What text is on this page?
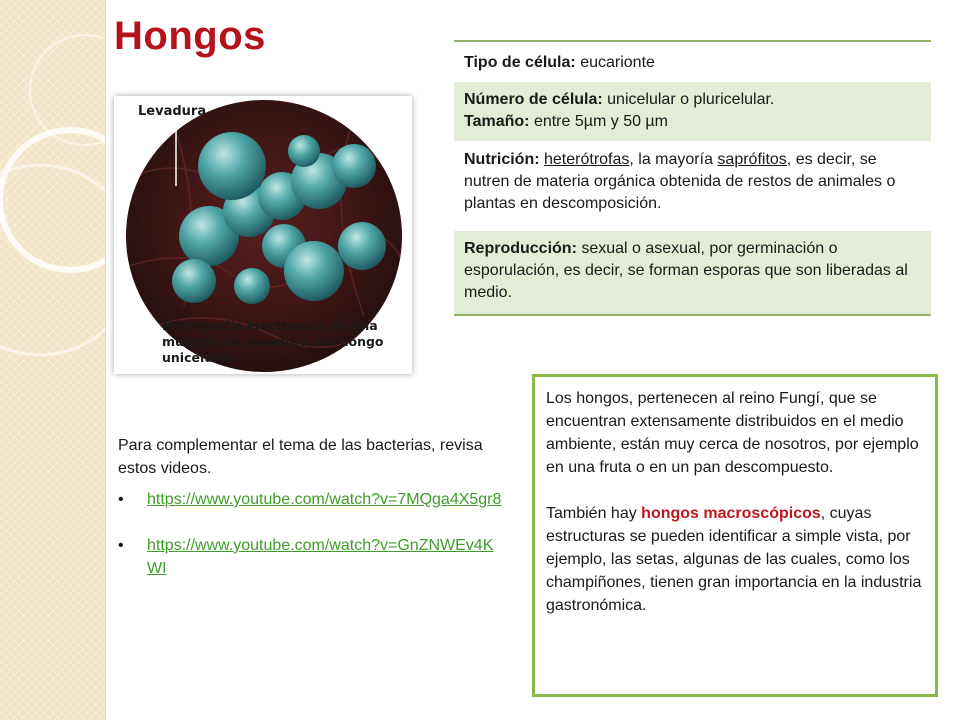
Hongos
Tipo de célula: eucarionte
Número de célula: unicelular o pluricelular.
Tamaño: entre 5µm y 50 µm
Nutrición: heterótrofas, la mayoría saprófitos, es decir, se nutren de materia orgánica obtenida de restos de animales o plantas en descomposición.
Reproducción: sexual o asexual, por germinación o esporulación, es decir, se forman esporas que son liberadas al medio.
Levadura
Micrografía electrónica de una muestra de levadura, un hongo unicelular.

Para complementar el tema de las bacterias, revisa estos videos.

• https://www.youtube.com/watch?v=7MQga4X5gr8
• https://www.youtube.com/watch?v=GnZNWEv4KWI

Los hongos, pertenecen al reino Fungí, que se encuentran extensamente distribuidos en el medio ambiente, están muy cerca de nosotros, por ejemplo en una fruta o en un pan descompuesto.

También hay hongos macroscópicos, cuyas estructuras se pueden identificar a simple vista, por ejemplo, las setas, algunas de las cuales, como los champiñones, tienen gran importancia en la industria gastronómica.
